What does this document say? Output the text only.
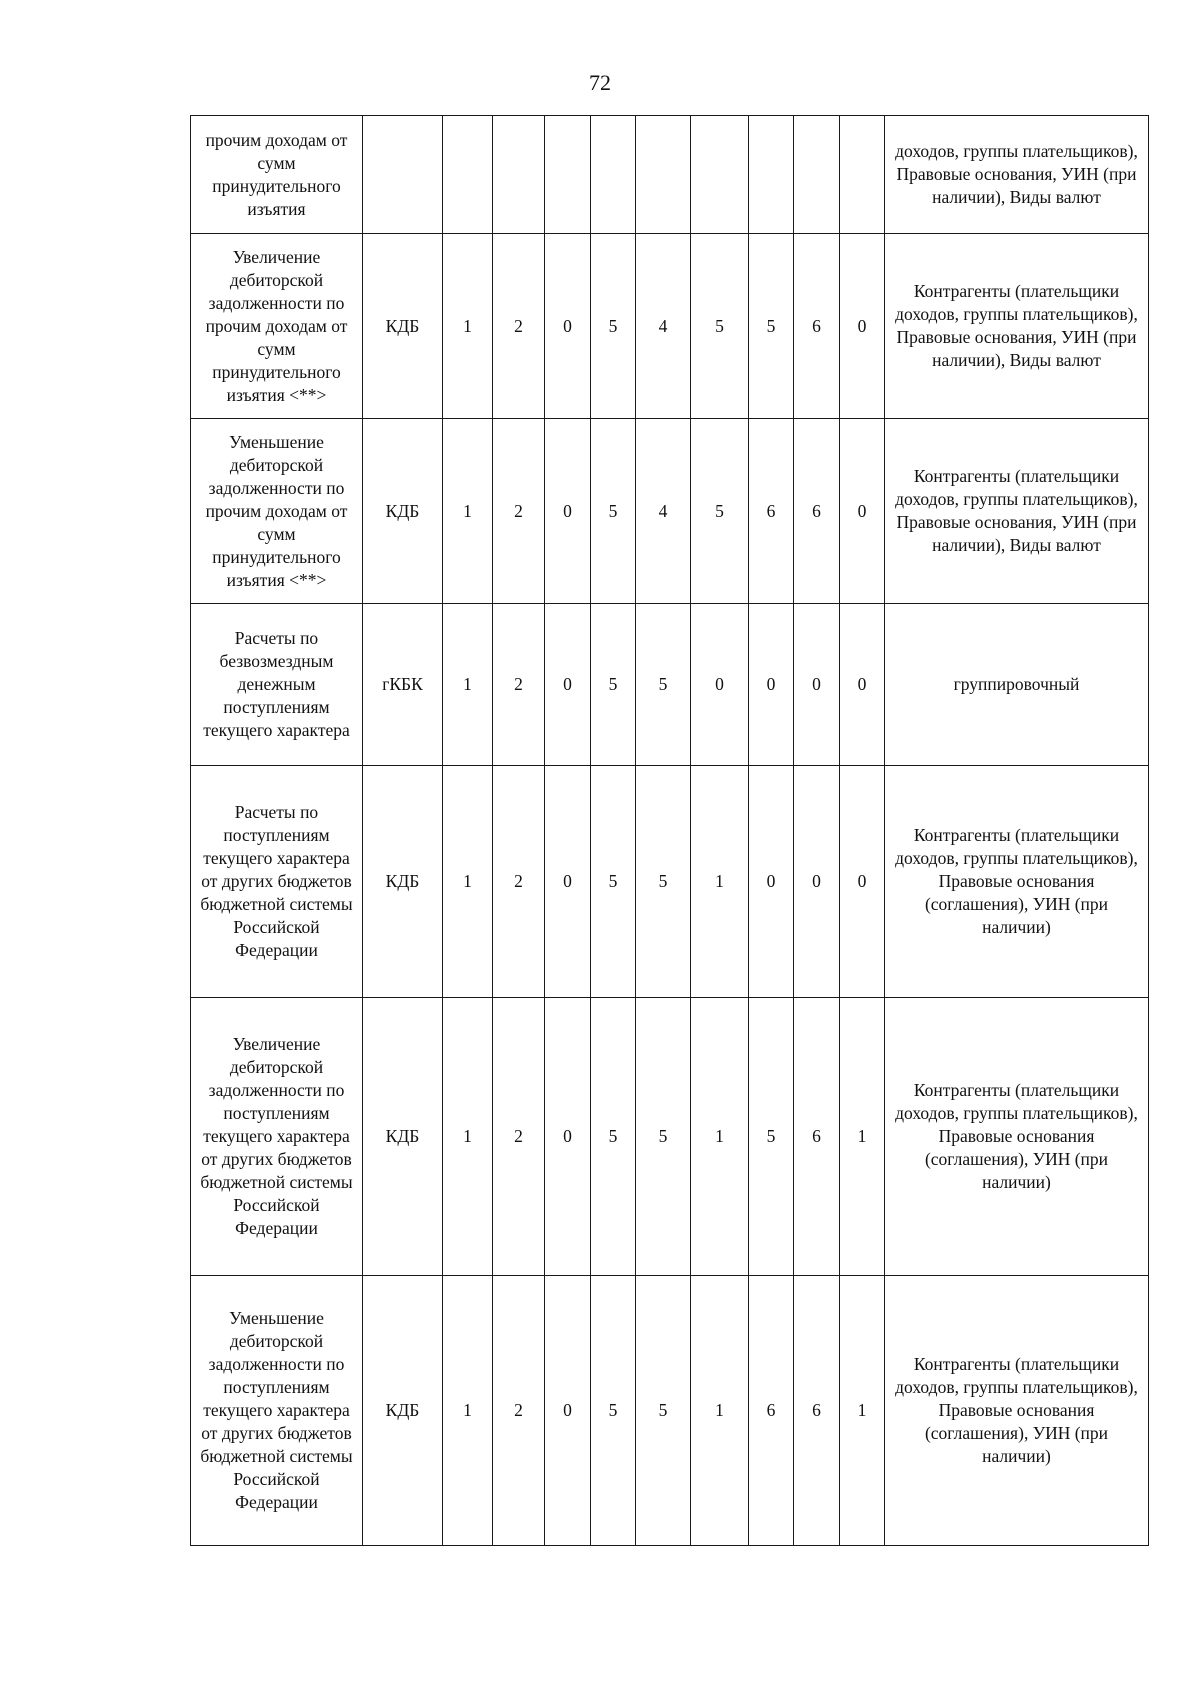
72
прочим доходам от сумм принудительного изъятия											доходов, группы плательщиков), Правовые основания, УИН (при наличии), Виды валют
Увеличение дебиторской задолженности по прочим доходам от сумм принудительного изъятия <**>	КДБ	1	2	0	5	4	5	5	6	0	Контрагенты (плательщики доходов, группы плательщиков), Правовые основания, УИН (при наличии), Виды валют
Уменьшение дебиторской задолженности по прочим доходам от сумм принудительного изъятия <**>	КДБ	1	2	0	5	4	5	6	6	0	Контрагенты (плательщики доходов, группы плательщиков), Правовые основания, УИН (при наличии), Виды валют
Расчеты по безвозмездным денежным поступлениям текущего характера	гКБК	1	2	0	5	5	0	0	0	0	группировочный
Расчеты по поступлениям текущего характера от других бюджетов бюджетной системы Российской Федерации	КДБ	1	2	0	5	5	1	0	0	0	Контрагенты (плательщики доходов, группы плательщиков), Правовые основания (соглашения), УИН (при наличии)
Увеличение дебиторской задолженности по поступлениям текущего характера от других бюджетов бюджетной системы Российской Федерации	КДБ	1	2	0	5	5	1	5	6	1	Контрагенты (плательщики доходов, группы плательщиков), Правовые основания (соглашения), УИН (при наличии)
Уменьшение дебиторской задолженности по поступлениям текущего характера от других бюджетов бюджетной системы Российской Федерации	КДБ	1	2	0	5	5	1	6	6	1	Контрагенты (плательщики доходов, группы плательщиков), Правовые основания (соглашения), УИН (при наличии)
